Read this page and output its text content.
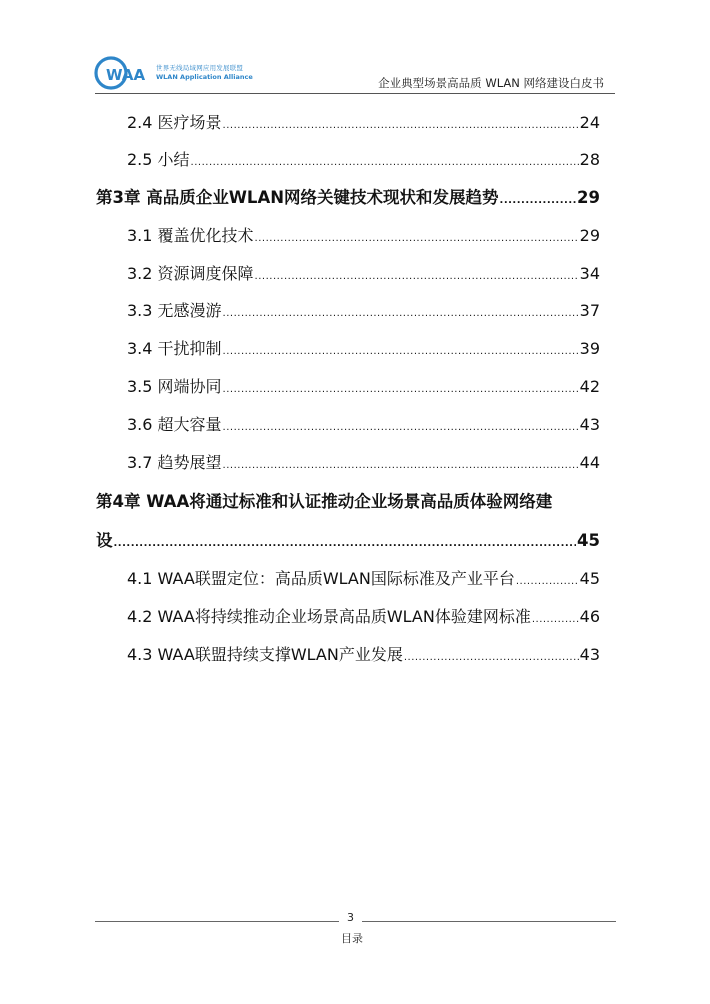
WAA 世界无线局域网应用发展联盟
WLAN Application Alliance	企业典型场景高品质 WLAN 网络建设白皮书
2.4 医疗场景 .....	24
2.5 小结 .....	28
第3章 高品质企业WLAN网络关键技术现状和发展趋势 .....	29
3.1 覆盖优化技术 .....	29
3.2 资源调度保障 .....	34
3.3 无感漫游 .....	37
3.4 干扰抑制 .....	39
3.5 网端协同 .....	42
3.6 超大容量 .....	43
3.7 趋势展望 .....	44
第4章 WAA将通过标准和认证推动企业场景高品质体验网络建
设 .....	45
4.1 WAA联盟定位：高品质WLAN国际标准及产业平台 .....	45
4.2 WAA将持续推动企业场景高品质WLAN体验建网标准 .....	46
4.3 WAA联盟持续支撑WLAN产业发展 .....	43
3
目录
